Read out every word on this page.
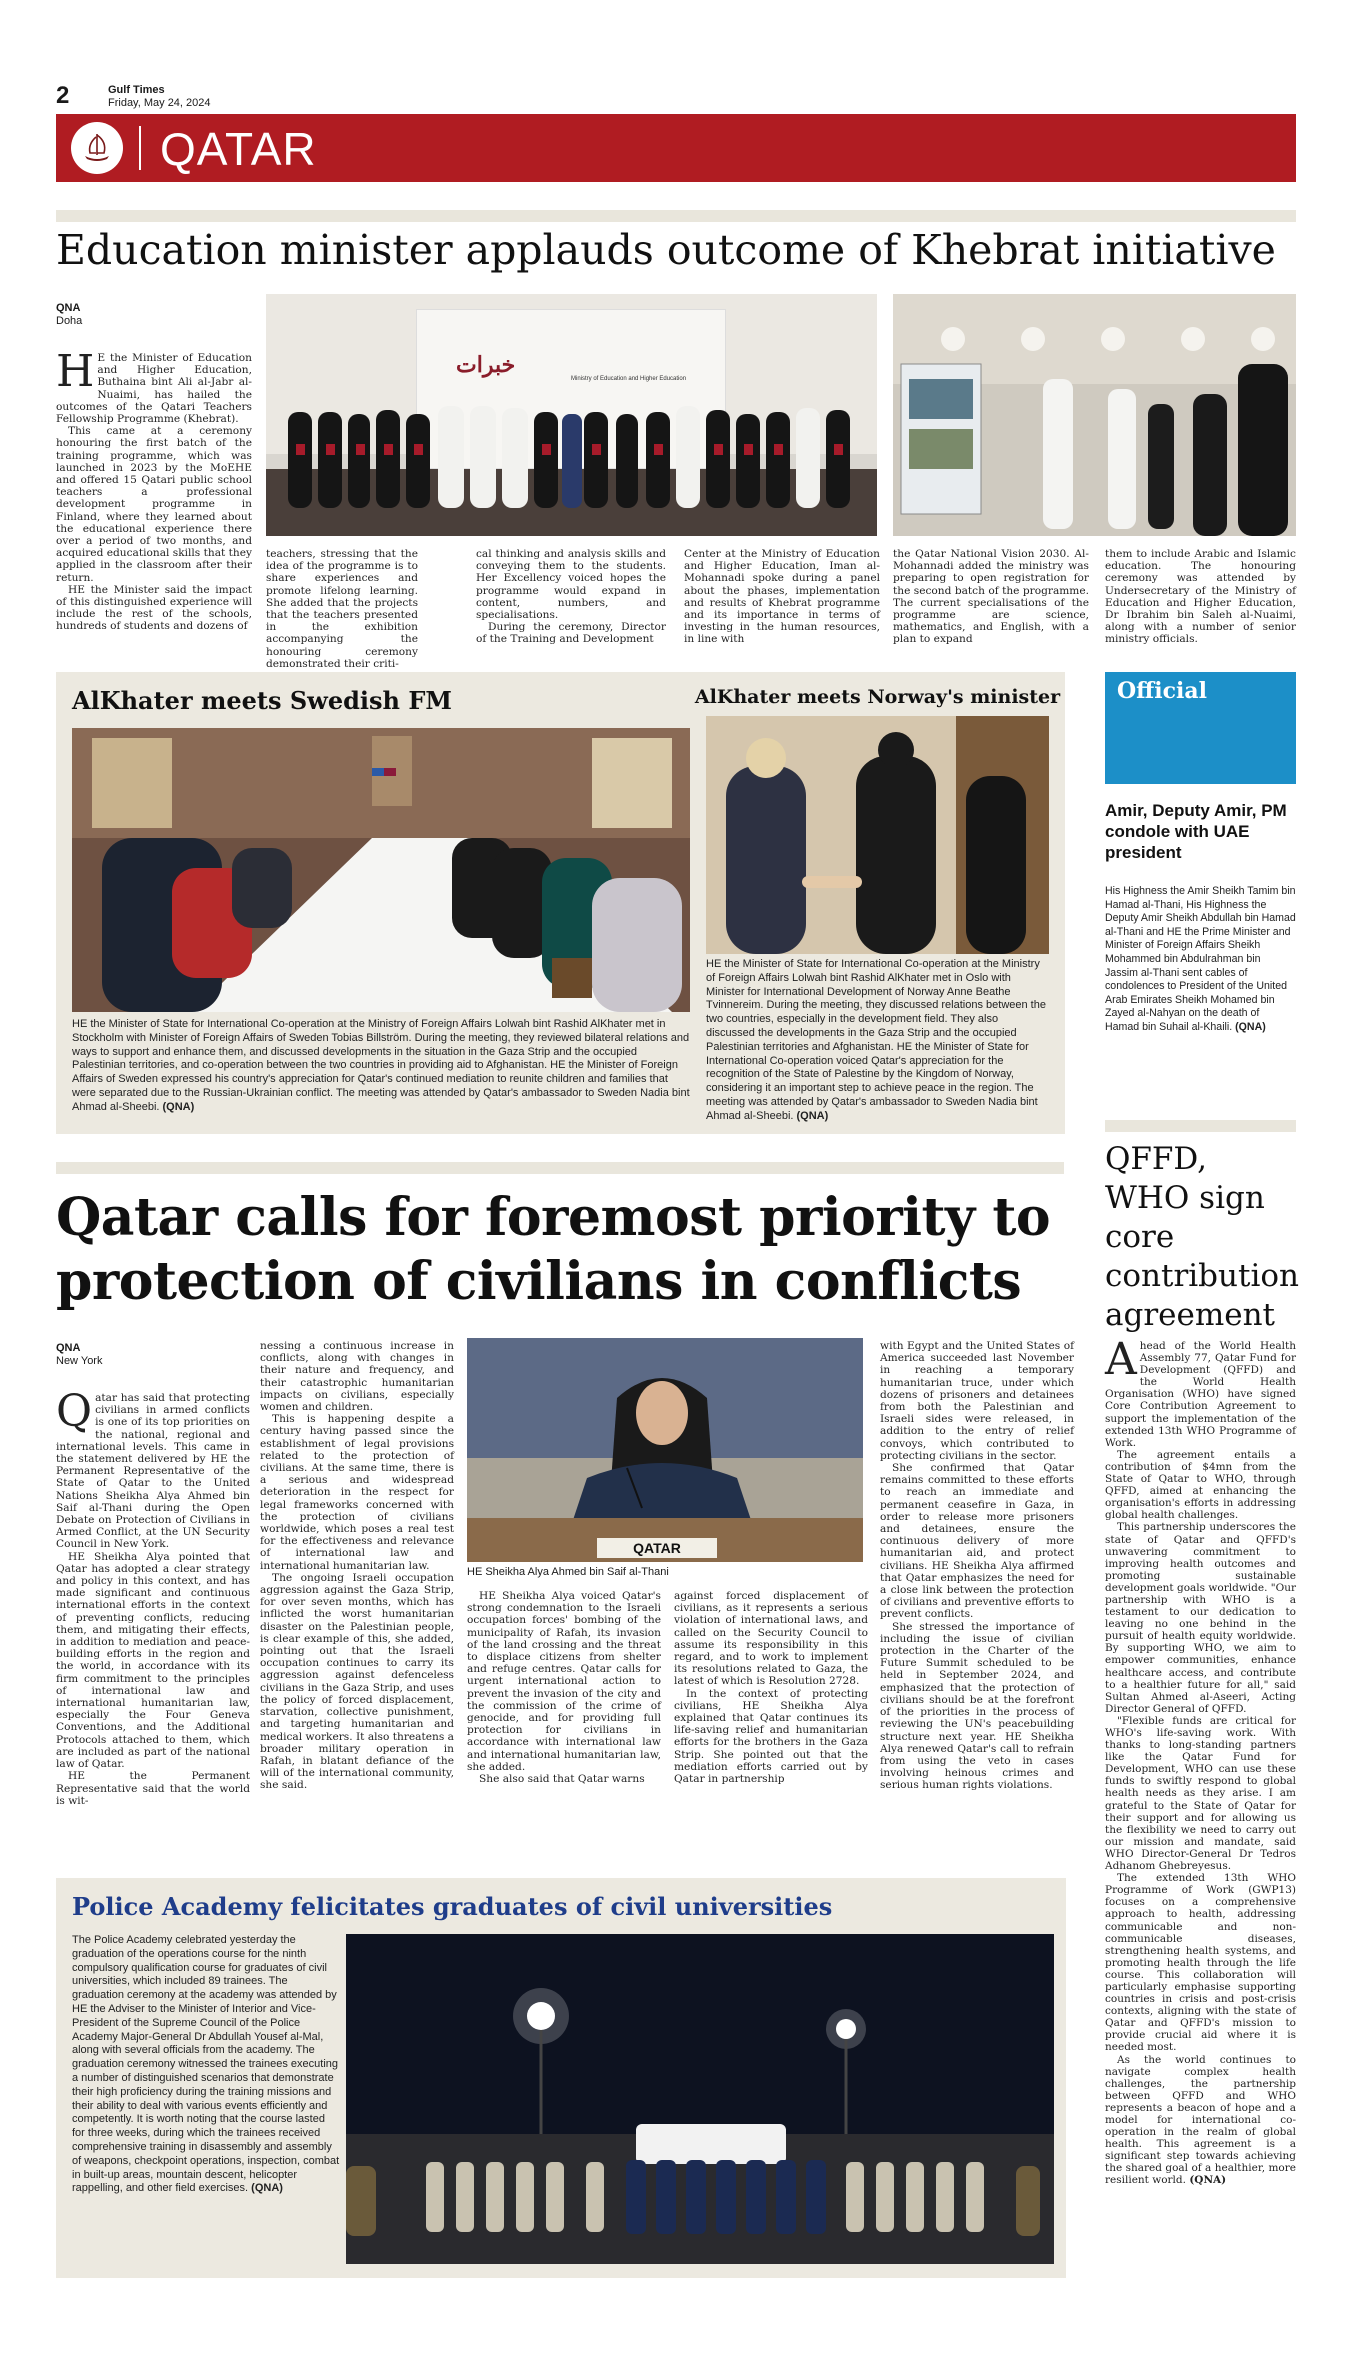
2	Gulf Times
Friday, May 24, 2024
QATAR
Education minister applauds outcome of Khebrat initiative
QNA
Doha

HE the Minister of Education and Higher Education, Buthaina bint Ali al-Jabr al-Nuaimi, has hailed the outcomes of the Qatari Teachers Fellowship Programme (Khebrat).

This came at a ceremony honouring the first batch of the training programme, which was launched in 2023 by the MoEHE and offered 15 Qatari public school teachers a professional development programme in Finland, where they learned about the educational experience there over a period of two months, and acquired educational skills that they applied in the classroom after their return.

HE the Minister said the impact of this distinguished experience will include the rest of the schools, hundreds of students and dozens of

خبرات
Ministry of Education and Higher Education

teachers, stressing that the idea of the programme is to share experiences and promote lifelong learning. She added that the projects that the teachers presented in the exhibition accompanying the honouring ceremony demonstrated their criti-

cal thinking and analysis skills and conveying them to the students. Her Excellency voiced hopes the programme would expand in content, numbers, and specialisations.

During the ceremony, Director of the Training and Development

Center at the Ministry of Education and Higher Education, Iman al-Mohannadi spoke during a panel about the phases, implementation and results of Khebrat programme and its importance in terms of investing in the human resources, in line with

the Qatar National Vision 2030. Al-Mohannadi added the ministry was preparing to open registration for the second batch of the programme. The current specialisations of the programme are science, mathematics, and English, with a plan to expand

them to include Arabic and Islamic education. The honouring ceremony was attended by Undersecretary of the Ministry of Education and Higher Education, Dr Ibrahim bin Saleh al-Nuaimi, along with a number of senior ministry officials.

AlKhater meets Swedish FM
HE the Minister of State for International Co-operation at the Ministry of Foreign Affairs Lolwah bint Rashid AlKhater met in Stockholm with Minister of Foreign Affairs of Sweden Tobias Billström. During the meeting, they reviewed bilateral relations and ways to support and enhance them, and discussed developments in the situation in the Gaza Strip and the occupied Palestinian territories, and co-operation between the two countries in providing aid to Afghanistan. HE the Minister of Foreign Affairs of Sweden expressed his country's appreciation for Qatar's continued mediation to reunite children and families that were separated due to the Russian-Ukrainian conflict. The meeting was attended by Qatar's ambassador to Sweden Nadia bint Ahmad al-Sheebi. (QNA)
AlKhater meets Norway's minister
HE the Minister of State for International Co-operation at the Ministry of Foreign Affairs Lolwah bint Rashid AlKhater met in Oslo with Minister for International Development of Norway Anne Beathe Tvinnereim. During the meeting, they discussed relations between the two countries, especially in the development field. They also discussed the developments in the Gaza Strip and the occupied Palestinian territories and Afghanistan. HE the Minister of State for International Co-operation voiced Qatar's appreciation for the recognition of the State of Palestine by the Kingdom of Norway, considering it an important step to achieve peace in the region. The meeting was attended by Qatar's ambassador to Sweden Nadia bint Ahmad al-Sheebi. (QNA)
Official
Amir, Deputy Amir, PM condole with UAE president
His Highness the Amir Sheikh Tamim bin Hamad al-Thani, His Highness the Deputy Amir Sheikh Abdullah bin Hamad al-Thani and HE the Prime Minister and Minister of Foreign Affairs Sheikh Mohammed bin Abdulrahman bin Jassim al-Thani sent cables of condolences to President of the United Arab Emirates Sheikh Mohamed bin Zayed al-Nahyan on the death of Hamad bin Suhail al-Khaili. (QNA)
Qatar calls for foremost priority to protection of civilians in conflicts
QNA
New York

Qatar has said that protecting civilians in armed conflicts is one of its top priorities on the national, regional and international levels. This came in the statement delivered by HE the Permanent Representative of the State of Qatar to the United Nations Sheikha Alya Ahmed bin Saif al-Thani during the Open Debate on Protection of Civilians in Armed Conflict, at the UN Security Council in New York.

HE Sheikha Alya pointed that Qatar has adopted a clear strategy and policy in this context, and has made significant and continuous international efforts in the context of preventing conflicts, reducing them, and mitigating their effects, in addition to mediation and peace-building efforts in the region and the world, in accordance with its firm commitment to the principles of international law and international humanitarian law, especially the Four Geneva Conventions, and the Additional Protocols attached to them, which are included as part of the national law of Qatar.

HE the Permanent Representative said that the world is wit-

nessing a continuous increase in conflicts, along with changes in their nature and frequency, and their catastrophic humanitarian impacts on civilians, especially women and children.

This is happening despite a century having passed since the establishment of legal provisions related to the protection of civilians. At the same time, there is a serious and widespread deterioration in the respect for legal frameworks concerned with the protection of civilians worldwide, which poses a real test for the effectiveness and relevance of international law and international humanitarian law.

The ongoing Israeli occupation aggression against the Gaza Strip, for over seven months, which has inflicted the worst humanitarian disaster on the Palestinian people, is clear example of this, she added, pointing out that the Israeli occupation continues to carry its aggression against defenceless civilians in the Gaza Strip, and uses the policy of forced displacement, starvation, collective punishment, and targeting humanitarian and medical workers. It also threatens a broader military operation in Rafah, in blatant defiance of the will of the international community, she said.

QATAR
HE Sheikha Alya Ahmed bin Saif al-Thani

HE Sheikha Alya voiced Qatar's strong condemnation to the Israeli occupation forces' bombing of the municipality of Rafah, its invasion of the land crossing and the threat to displace citizens from shelter and refuge centres. Qatar calls for urgent international action to prevent the invasion of the city and the commission of the crime of genocide, and for providing full protection for civilians in accordance with international law and international humanitarian law, she added.

She also said that Qatar warns

against forced displacement of civilians, as it represents a serious violation of international laws, and called on the Security Council to assume its responsibility in this regard, and to work to implement its resolutions related to Gaza, the latest of which is Resolution 2728.

In the context of protecting civilians, HE Sheikha Alya explained that Qatar continues its life-saving relief and humanitarian efforts for the brothers in the Gaza Strip. She pointed out that the mediation efforts carried out by Qatar in partnership

with Egypt and the United States of America succeeded last November in reaching a temporary humanitarian truce, under which dozens of prisoners and detainees from both the Palestinian and Israeli sides were released, in addition to the entry of relief convoys, which contributed to protecting civilians in the sector.

She confirmed that Qatar remains committed to these efforts to reach an immediate and permanent ceasefire in Gaza, in order to release more prisoners and detainees, ensure the continuous delivery of more humanitarian aid, and protect civilians. HE Sheikha Alya affirmed that Qatar emphasizes the need for a close link between the protection of civilians and preventive efforts to prevent conflicts.

She stressed the importance of including the issue of civilian protection in the Charter of the Future Summit scheduled to be held in September 2024, and emphasized that the protection of civilians should be at the forefront of the priorities in the process of reviewing the UN's peacebuilding structure next year. HE Sheikha Alya renewed Qatar's call to refrain from using the veto in cases involving heinous crimes and serious human rights violations.

QFFD, WHO sign core contribution agreement

Ahead of the World Health Assembly 77, Qatar Fund for Development (QFFD) and the World Health Organisation (WHO) have signed Core Contribution Agreement to support the implementation of the extended 13th WHO Programme of Work.

The agreement entails a contribution of $4mn from the State of Qatar to WHO, through QFFD, aimed at enhancing the organisation's efforts in addressing global health challenges.

This partnership underscores the state of Qatar and QFFD's unwavering commitment to improving health outcomes and promoting sustainable development goals worldwide. "Our partnership with WHO is a testament to our dedication to leaving no one behind in the pursuit of health equity worldwide. By supporting WHO, we aim to empower communities, enhance healthcare access, and contribute to a healthier future for all," said Sultan Ahmed al-Aseeri, Acting Director General of QFFD.

"Flexible funds are critical for WHO's life-saving work. With thanks to long-standing partners like the Qatar Fund for Development, WHO can use these funds to swiftly respond to global health needs as they arise. I am grateful to the State of Qatar for their support and for allowing us the flexibility we need to carry out our mission and mandate, said WHO Director-General Dr Tedros Adhanom Ghebreyesus.

The extended 13th WHO Programme of Work (GWP13) focuses on a comprehensive approach to health, addressing communicable and non-communicable diseases, strengthening health systems, and promoting health through the life course. This collaboration will particularly emphasise supporting countries in crisis and post-crisis contexts, aligning with the state of Qatar and QFFD's mission to provide crucial aid where it is needed most.

As the world continues to navigate complex health challenges, the partnership between QFFD and WHO represents a beacon of hope and a model for international co-operation in the realm of global health. This agreement is a significant step towards achieving the shared goal of a healthier, more resilient world. (QNA)

Police Academy felicitates graduates of civil universities
The Police Academy celebrated yesterday the graduation of the operations course for the ninth compulsory qualification course for graduates of civil universities, which included 89 trainees. The graduation ceremony at the academy was attended by HE the Adviser to the Minister of Interior and Vice-President of the Supreme Council of the Police Academy Major-General Dr Abdullah Yousef al-Mal, along with several officials from the academy. The graduation ceremony witnessed the trainees executing a number of distinguished scenarios that demonstrate their high proficiency during the training missions and their ability to deal with various events efficiently and competently. It is worth noting that the course lasted for three weeks, during which the trainees received comprehensive training in disassembly and assembly of weapons, checkpoint operations, inspection, combat in built-up areas, mountain descent, helicopter rappelling, and other field exercises. (QNA)
